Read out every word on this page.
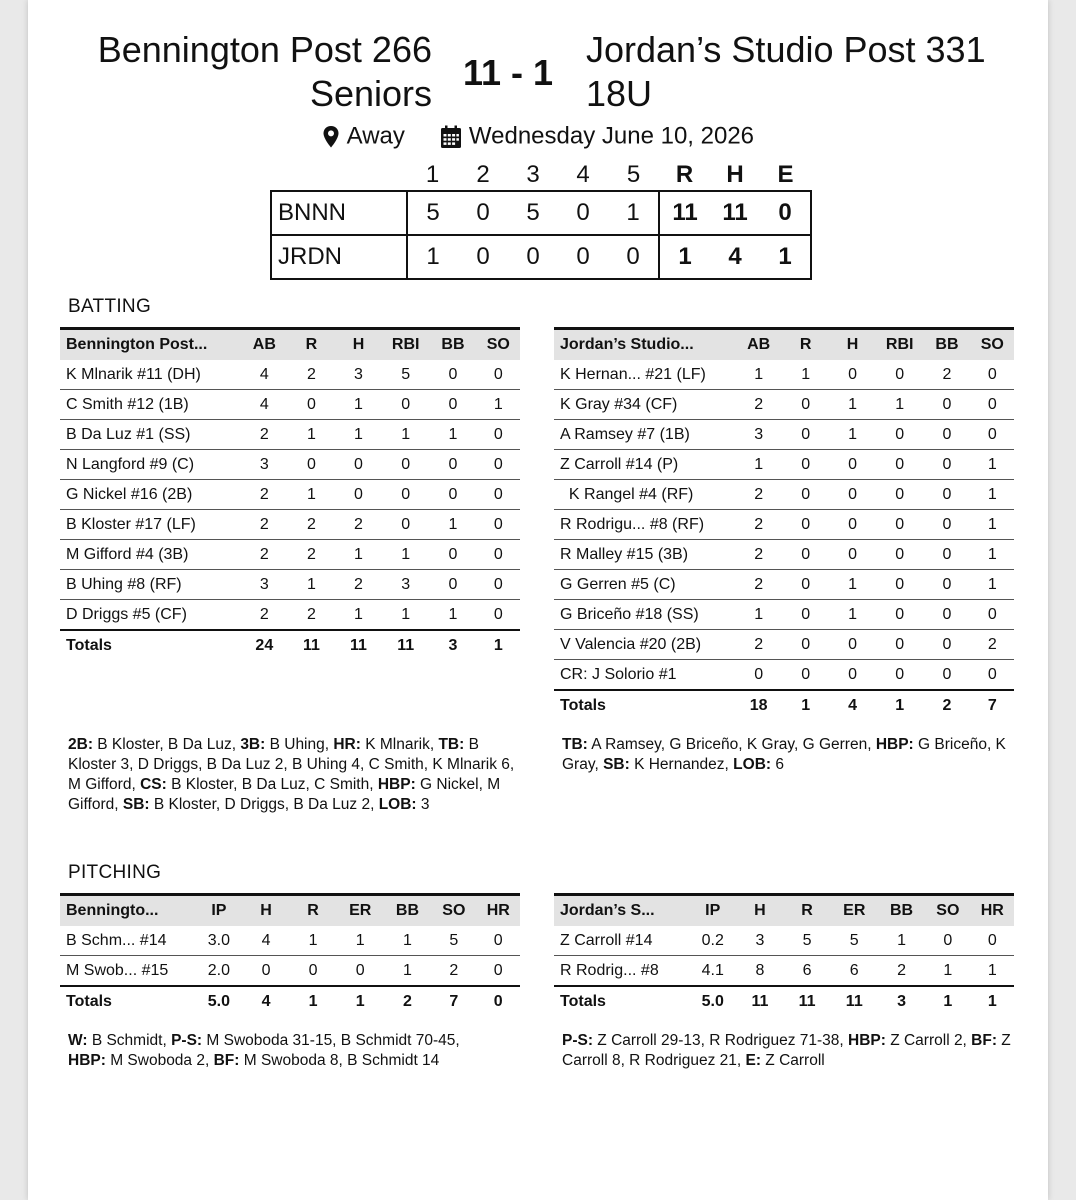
Bennington Post 266
Seniors
11 - 1
Jordan’s Studio Post 331
18U
Away	Wednesday June 10, 2026
	1	2	3	4	5	R	H	E
BNNN	5	0	5	0	1	11	11	0
JRDN	1	0	0	0	0	1	4	1
BATTING
Bennington Post...	AB	R	H	RBI	BB	SO
K Mlnarik #11 (DH)	4	2	3	5	0	0
C Smith #12 (1B)	4	0	1	0	0	1
B Da Luz #1 (SS)	2	1	1	1	1	0
N Langford #9 (C)	3	0	0	0	0	0
G Nickel #16 (2B)	2	1	0	0	0	0
B Kloster #17 (LF)	2	2	2	0	1	0
M Gifford #4 (3B)	2	2	1	1	0	0
B Uhing #8 (RF)	3	1	2	3	0	0
D Driggs #5 (CF)	2	2	1	1	1	0
Totals	24	11	11	11	3	1
Jordan’s Studio...	AB	R	H	RBI	BB	SO
K Hernan... #21 (LF)	1	1	0	0	2	0
K Gray #34 (CF)	2	0	1	1	0	0
A Ramsey #7 (1B)	3	0	1	0	0	0
Z Carroll #14 (P)	1	0	0	0	0	1
K Rangel #4 (RF)	2	0	0	0	0	1
R Rodrigu... #8 (RF)	2	0	0	0	0	1
R Malley #15 (3B)	2	0	0	0	0	1
G Gerren #5 (C)	2	0	1	0	0	1
G Briceño #18 (SS)	1	0	1	0	0	0
V Valencia #20 (2B)	2	0	0	0	0	2
CR: J Solorio #1	0	0	0	0	0	0
Totals	18	1	4	1	2	7
2B: B Kloster, B Da Luz, 3B: B Uhing, HR: K Mlnarik, TB: B Kloster 3, D Driggs, B Da Luz 2, B Uhing 4, C Smith, K Mlnarik 6, M Gifford, CS: B Kloster, B Da Luz, C Smith, HBP: G Nickel, M Gifford, SB: B Kloster, D Driggs, B Da Luz 2, LOB: 3
TB: A Ramsey, G Briceño, K Gray, G Gerren, HBP: G Briceño, K Gray, SB: K Hernandez, LOB: 6
PITCHING
Benningto...	IP	H	R	ER	BB	SO	HR
B Schm... #14	3.0	4	1	1	1	5	0
M Swob... #15	2.0	0	0	0	1	2	0
Totals	5.0	4	1	1	2	7	0
Jordan’s S...	IP	H	R	ER	BB	SO	HR
Z Carroll #14	0.2	3	5	5	1	0	0
R Rodrig... #8	4.1	8	6	6	2	1	1
Totals	5.0	11	11	11	3	1	1
W: B Schmidt, P-S: M Swoboda 31-15, B Schmidt 70-45, HBP: M Swoboda 2, BF: M Swoboda 8, B Schmidt 14
P-S: Z Carroll 29-13, R Rodriguez 71-38, HBP: Z Carroll 2, BF: Z Carroll 8, R Rodriguez 21, E: Z Carroll
